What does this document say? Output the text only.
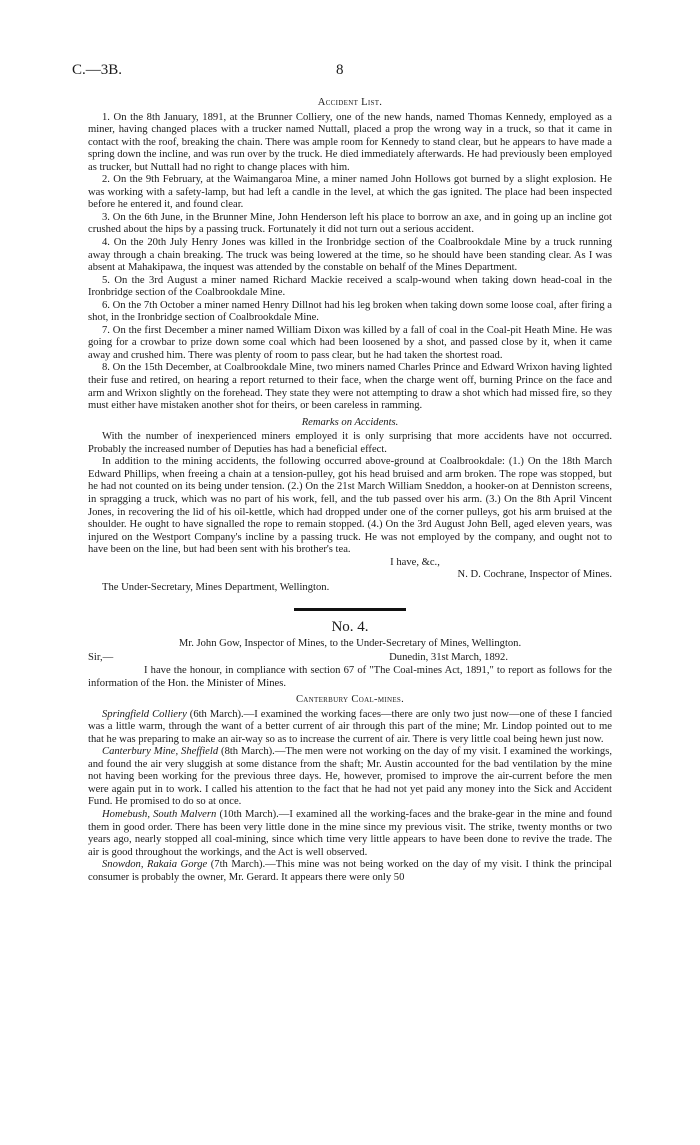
C.—3B.	8
Accident List.

1. On the 8th January, 1891, at the Brunner Colliery, one of the new hands, named Thomas Kennedy, employed as a miner, having changed places with a trucker named Nuttall, placed a prop the wrong way in a truck, so that it came in contact with the roof, breaking the chain. There was ample room for Kennedy to stand clear, but he appears to have made a spring down the incline, and was run over by the truck. He died immediately afterwards. He had previously been employed as trucker, but Nuttall had no right to change places with him.

2. On the 9th February, at the Waimangaroa Mine, a miner named John Hollows got burned by a slight explosion. He was working with a safety-lamp, but had left a candle in the level, at which the gas ignited. The place had been inspected before he entered it, and found clear.

3. On the 6th June, in the Brunner Mine, John Henderson left his place to borrow an axe, and in going up an incline got crushed about the hips by a passing truck. Fortunately it did not turn out a serious accident.

4. On the 20th July Henry Jones was killed in the Ironbridge section of the Coalbrookdale Mine by a truck running away through a chain breaking. The truck was being lowered at the time, so he should have been standing clear. As I was absent at Mahakipawa, the inquest was attended by the constable on behalf of the Mines Department.

5. On the 3rd August a miner named Richard Mackie received a scalp-wound when taking down head-coal in the Ironbridge section of the Coalbrookdale Mine.

6. On the 7th October a miner named Henry Dillnot had his leg broken when taking down some loose coal, after firing a shot, in the Ironbridge section of Coalbrookdale Mine.

7. On the first December a miner named William Dixon was killed by a fall of coal in the Coal-pit Heath Mine. He was going for a crowbar to prize down some coal which had been loosened by a shot, and passed close by it, when it came away and crushed him. There was plenty of room to pass clear, but he had taken the shortest road.

8. On the 15th December, at Coalbrookdale Mine, two miners named Charles Prince and Edward Wrixon having lighted their fuse and retired, on hearing a report returned to their face, when the charge went off, burning Prince on the face and arm and Wrixon slightly on the forehead. They state they were not attempting to draw a shot which had missed fire, so they must either have mistaken another shot for theirs, or been careless in ramming.

Remarks on Accidents.

With the number of inexperienced miners employed it is only surprising that more accidents have not occurred. Probably the increased number of Deputies has had a beneficial effect.

In addition to the mining accidents, the following occurred above-ground at Coalbrookdale: (1.) On the 18th March Edward Phillips, when freeing a chain at a tension-pulley, got his head bruised and arm broken. The rope was stopped, but he had not counted on its being under tension. (2.) On the 21st March William Sneddon, a hooker-on at Denniston screens, in spragging a truck, which was no part of his work, fell, and the tub passed over his arm. (3.) On the 8th April Vincent Jones, in recovering the lid of his oil-kettle, which had dropped under one of the corner pulleys, got his arm bruised at the shoulder. He ought to have signalled the rope to remain stopped. (4.) On the 3rd August John Bell, aged eleven years, was injured on the Westport Company's incline by a passing truck. He was not employed by the company, and ought not to have been on the line, but had been sent with his brother's tea.

I have, &c.,
N. D. Cochrane, Inspector of Mines.
The Under-Secretary, Mines Department, Wellington.
No. 4.
Mr. John Gow, Inspector of Mines, to the Under-Secretary of Mines, Wellington.
Sir,—	Dunedin, 31st March, 1892.

I have the honour, in compliance with section 67 of "The Coal-mines Act, 1891," to report as follows for the information of the Hon. the Minister of Mines.

Canterbury Coal-mines.

Springfield Colliery (6th March).—I examined the working faces—there are only two just now—one of these I fancied was a little warm, through the want of a better current of air through this part of the mine; Mr. Lindop pointed out to me that he was preparing to make an air-way so as to increase the current of air. There is very little coal being hewn just now.

Canterbury Mine, Sheffield (8th March).—The men were not working on the day of my visit. I examined the workings, and found the air very sluggish at some distance from the shaft; Mr. Austin accounted for the bad ventilation by the mine not having been working for the previous three days. He, however, promised to improve the air-current before the men were again put in to work. I called his attention to the fact that he had not yet paid any money into the Sick and Accident Fund. He promised to do so at once.

Homebush, South Malvern (10th March).—I examined all the working-faces and the brake-gear in the mine and found them in good order. There has been very little done in the mine since my previous visit. The strike, twenty months or two years ago, nearly stopped all coal-mining, since which time very little appears to have been done to revive the trade. The air is good throughout the workings, and the Act is well observed.

Snowdon, Rakaia Gorge (7th March).—This mine was not being worked on the day of my visit. I think the principal consumer is probably the owner, Mr. Gerard. It appears there were only 50
